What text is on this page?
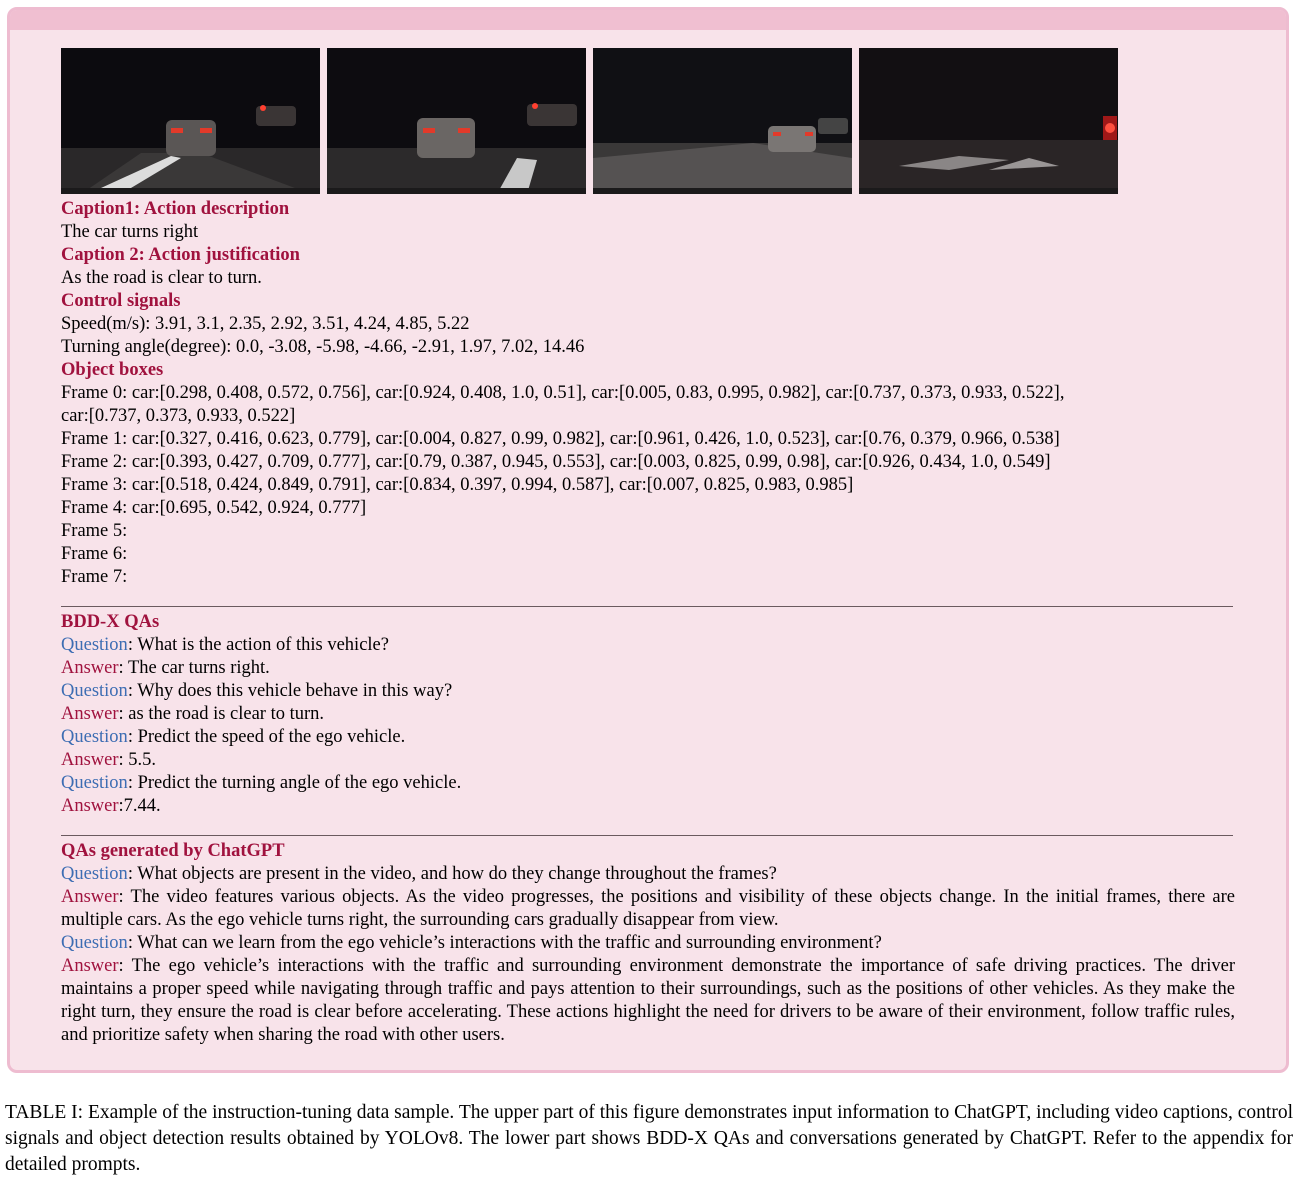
Caption1: Action description
The car turns right
Caption 2: Action justification
As the road is clear to turn.
Control signals
Speed(m/s): 3.91, 3.1, 2.35, 2.92, 3.51, 4.24, 4.85, 5.22
Turning angle(degree): 0.0, -3.08, -5.98, -4.66, -2.91, 1.97, 7.02, 14.46
Object boxes
Frame 0: car:[0.298, 0.408, 0.572, 0.756], car:[0.924, 0.408, 1.0, 0.51], car:[0.005, 0.83, 0.995, 0.982], car:[0.737, 0.373, 0.933, 0.522],
car:[0.737, 0.373, 0.933, 0.522]
Frame 1: car:[0.327, 0.416, 0.623, 0.779], car:[0.004, 0.827, 0.99, 0.982], car:[0.961, 0.426, 1.0, 0.523], car:[0.76, 0.379, 0.966, 0.538]
Frame 2: car:[0.393, 0.427, 0.709, 0.777], car:[0.79, 0.387, 0.945, 0.553], car:[0.003, 0.825, 0.99, 0.98], car:[0.926, 0.434, 1.0, 0.549]
Frame 3: car:[0.518, 0.424, 0.849, 0.791], car:[0.834, 0.397, 0.994, 0.587], car:[0.007, 0.825, 0.983, 0.985]
Frame 4: car:[0.695, 0.542, 0.924, 0.777]
Frame 5:
Frame 6:
Frame 7:
BDD-X QAs
Question: What is the action of this vehicle?
Answer: The car turns right.
Question: Why does this vehicle behave in this way?
Answer: as the road is clear to turn.
Question: Predict the speed of the ego vehicle.
Answer: 5.5.
Question: Predict the turning angle of the ego vehicle.
Answer:7.44.
QAs generated by ChatGPT
Question: What objects are present in the video, and how do they change throughout the frames?
Answer: The video features various objects. As the video progresses, the positions and visibility of these objects change. In the initial frames, there are multiple cars. As the ego vehicle turns right, the surrounding cars gradually disappear from view.
Question: What can we learn from the ego vehicle’s interactions with the traffic and surrounding environment?
Answer: The ego vehicle’s interactions with the traffic and surrounding environment demonstrate the importance of safe driving practices. The driver maintains a proper speed while navigating through traffic and pays attention to their surroundings, such as the positions of other vehicles. As they make the right turn, they ensure the road is clear before accelerating. These actions highlight the need for drivers to be aware of their environment, follow traffic rules, and prioritize safety when sharing the road with other users.
TABLE I: Example of the instruction-tuning data sample. The upper part of this figure demonstrates input information to ChatGPT, including video captions, control signals and object detection results obtained by YOLOv8. The lower part shows BDD-X QAs and conversations generated by ChatGPT. Refer to the appendix for detailed prompts.
